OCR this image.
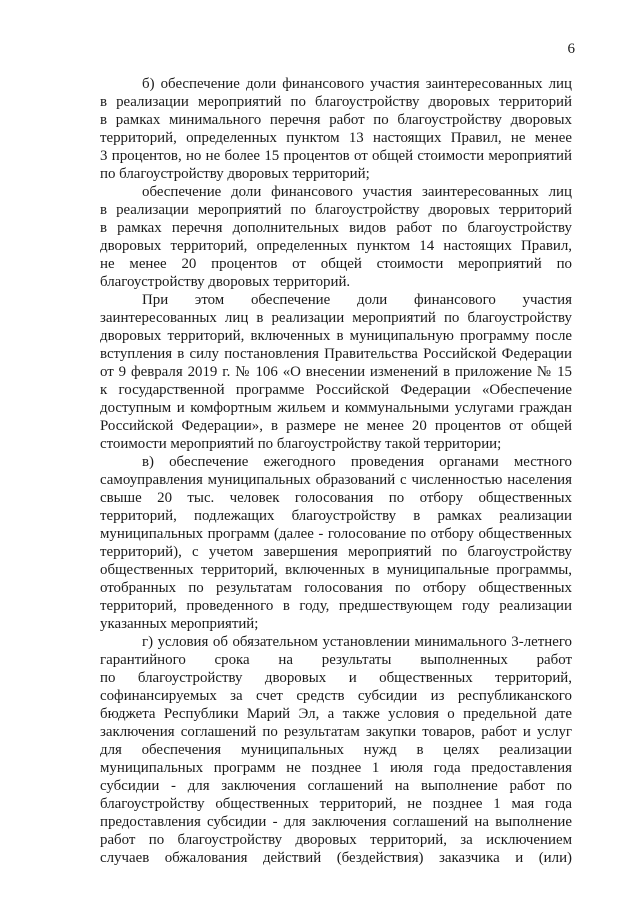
6
б) обеспечение доли финансового участия заинтересованных лиц
в реализации мероприятий по благоустройству дворовых территорий
в рамках минимального перечня работ по благоустройству дворовых
территорий, определенных пунктом 13 настоящих Правил, не менее
3 процентов, но не более 15 процентов от общей стоимости мероприятий
по благоустройству дворовых территорий;
обеспечение доли финансового участия заинтересованных лиц
в реализации мероприятий по благоустройству дворовых территорий
в рамках перечня дополнительных видов работ по благоустройству
дворовых территорий, определенных пунктом 14 настоящих Правил,
не менее 20 процентов от общей стоимости мероприятий по
благоустройству дворовых территорий.
При этом обеспечение доли финансового участия
заинтересованных лиц в реализации мероприятий по благоустройству
дворовых территорий, включенных в муниципальную программу после
вступления в силу постановления Правительства Российской Федерации
от 9 февраля 2019 г. № 106 «О внесении изменений в приложение № 15
к государственной программе Российской Федерации «Обеспечение
доступным и комфортным жильем и коммунальными услугами граждан
Российской Федерации», в размере не менее 20 процентов от общей
стоимости мероприятий по благоустройству такой территории;
в) обеспечение ежегодного проведения органами местного
самоуправления муниципальных образований с численностью населения
свыше 20 тыс. человек голосования по отбору общественных
территорий, подлежащих благоустройству в рамках реализации
муниципальных программ (далее - голосование по отбору общественных
территорий), с учетом завершения мероприятий по благоустройству
общественных территорий, включенных в муниципальные программы,
отобранных по результатам голосования по отбору общественных
территорий, проведенного в году, предшествующем году реализации
указанных мероприятий;
г) условия об обязательном установлении минимального 3-летнего
гарантийного срока на результаты выполненных работ
по благоустройству дворовых и общественных территорий,
софинансируемых за счет средств субсидии из республиканского
бюджета Республики Марий Эл, а также условия о предельной дате
заключения соглашений по результатам закупки товаров, работ и услуг
для обеспечения муниципальных нужд в целях реализации
муниципальных программ не позднее 1 июля года предоставления
субсидии - для заключения соглашений на выполнение работ по
благоустройству общественных территорий, не позднее 1 мая года
предоставления субсидии - для заключения соглашений на выполнение
работ по благоустройству дворовых территорий, за исключением
случаев обжалования действий (бездействия) заказчика и (или)
